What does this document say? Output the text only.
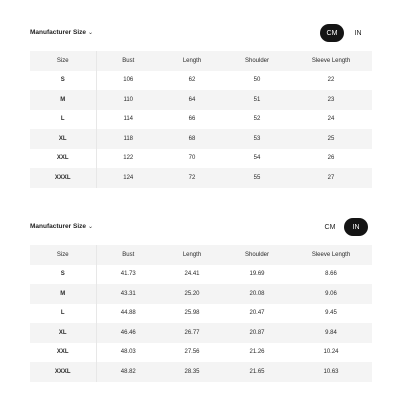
Manufacturer Size ⌄	CM	IN
Size	Bust	Length	Shoulder	Sleeve Length
S	106	62	50	22
M	110	64	51	23
L	114	66	52	24
XL	118	68	53	25
XXL	122	70	54	26
XXXL	124	72	55	27
Manufacturer Size ⌄	CM	IN
Size	Bust	Length	Shoulder	Sleeve Length
S	41.73	24.41	19.69	8.66
M	43.31	25.20	20.08	9.06
L	44.88	25.98	20.47	9.45
XL	46.46	26.77	20.87	9.84
XXL	48.03	27.56	21.26	10.24
XXXL	48.82	28.35	21.65	10.63
